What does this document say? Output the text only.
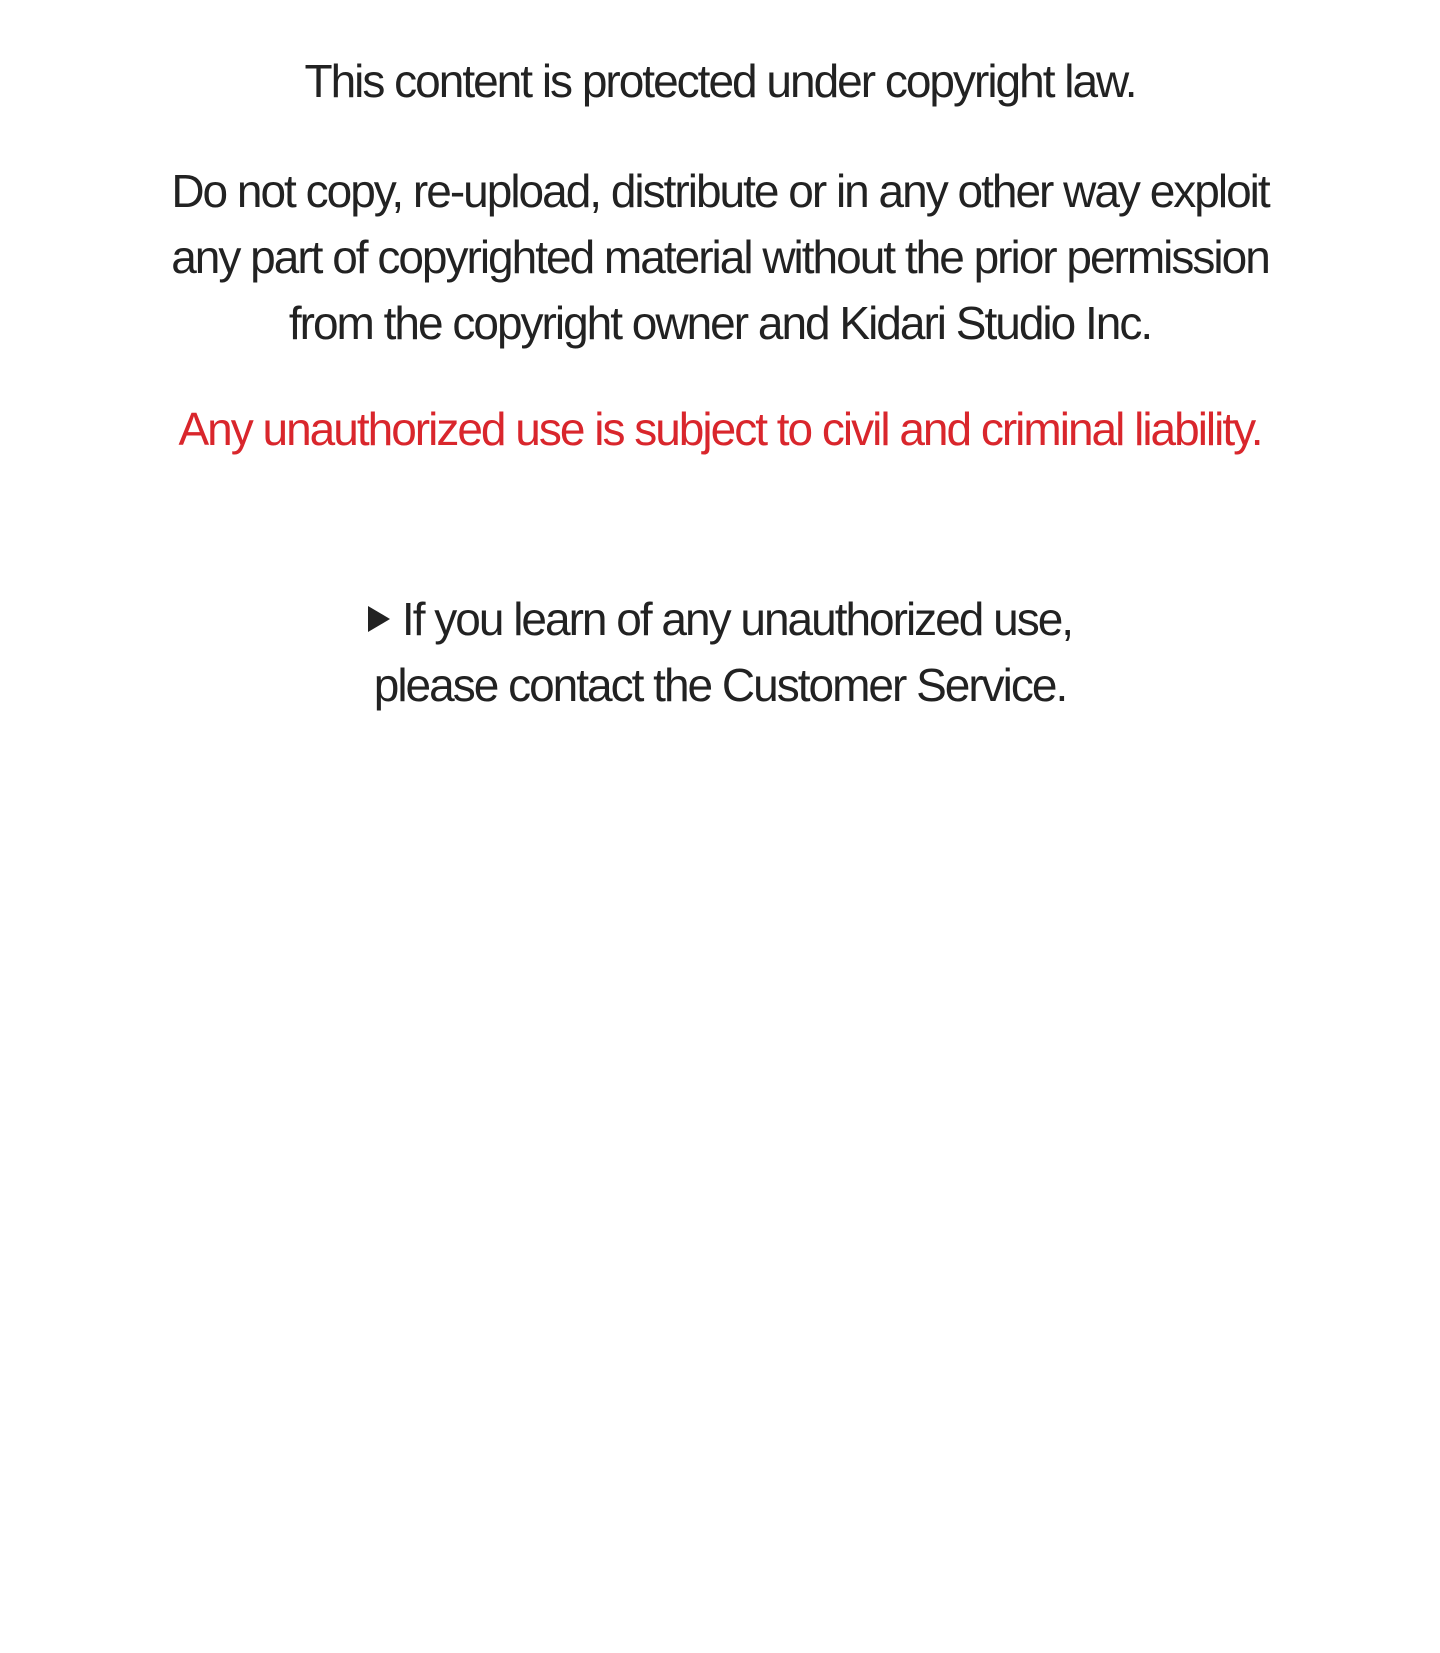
This content is protected under copyright law.
Do not copy, re-upload, distribute or in any other way exploit
any part of copyrighted material without the prior permission
from the copyright owner and Kidari Studio Inc.
Any unauthorized use is subject to civil and criminal liability.
If you learn of any unauthorized use,
please contact the Customer Service.
